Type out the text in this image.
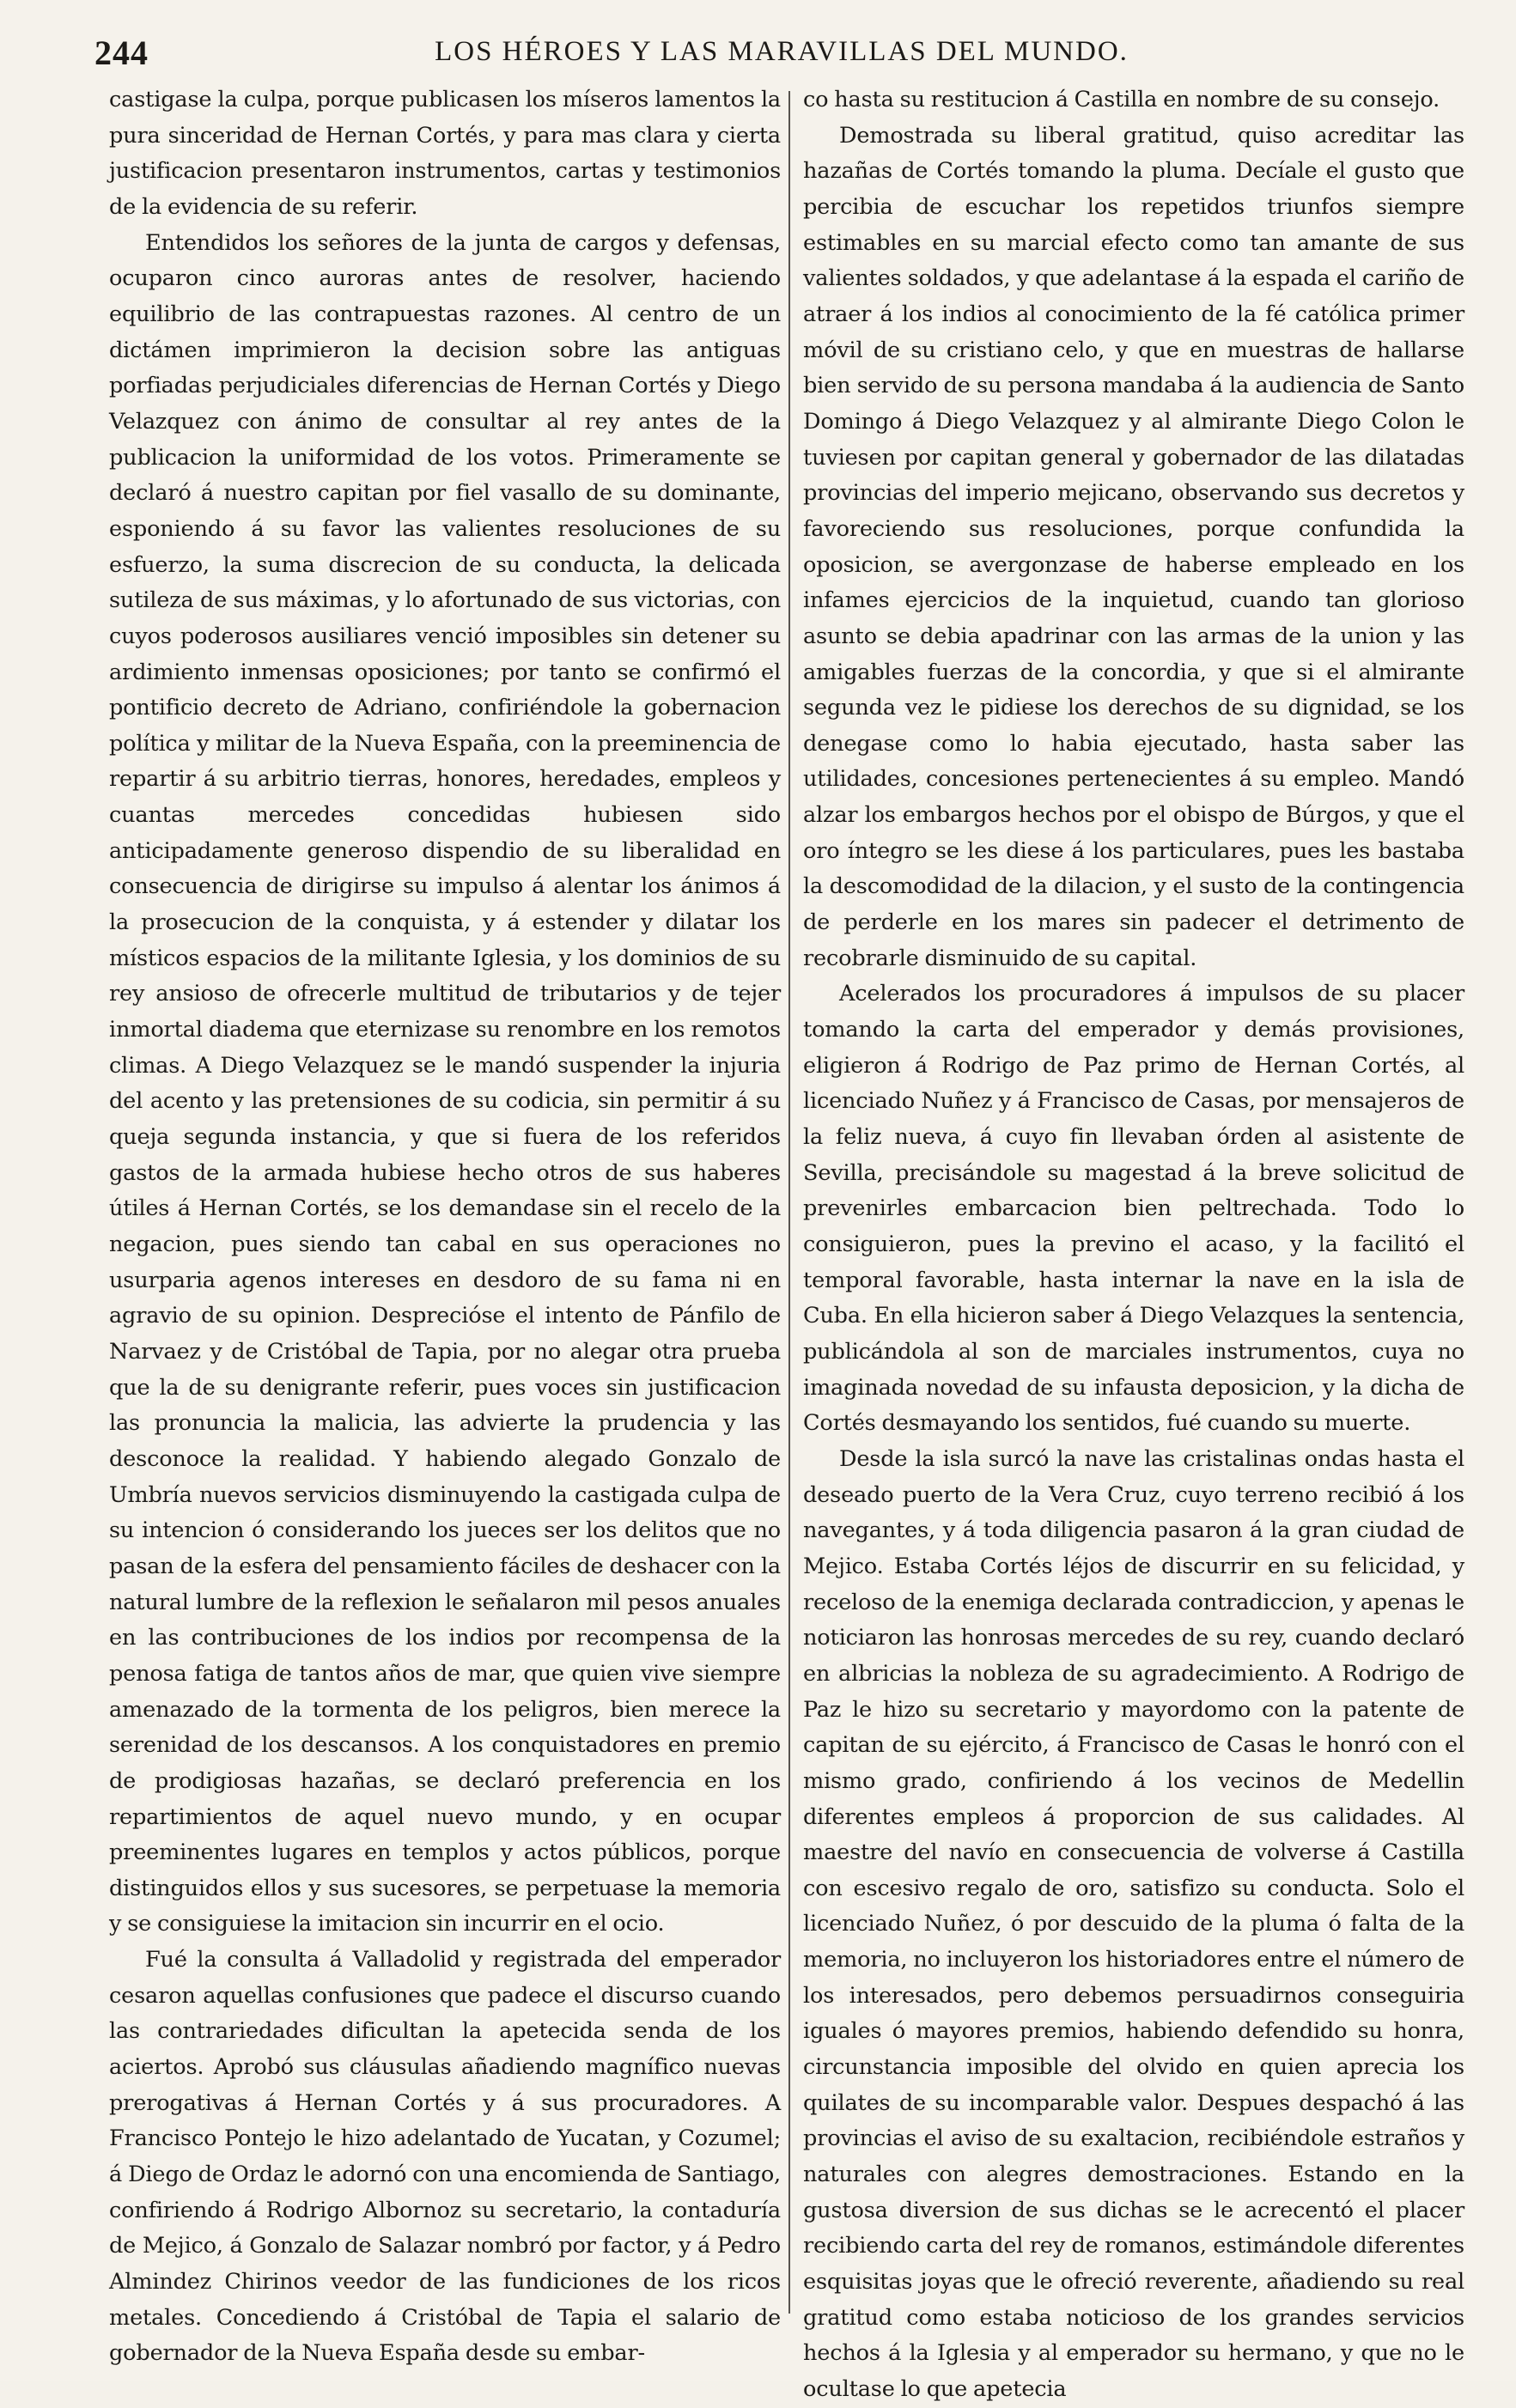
244	LOS HÉROES Y LAS MARAVILLAS DEL MUNDO.

castigase la culpa, porque publicasen los míseros lamentos la pura sinceridad de Hernan Cortés, y para mas clara y cierta justificacion presentaron instrumentos, cartas y testimonios de la evidencia de su referir.

Entendidos los señores de la junta de cargos y defensas, ocuparon cinco auroras antes de resolver, haciendo equilibrio de las contrapuestas razones. Al centro de un dictámen imprimieron la decision sobre las antiguas porfiadas perjudiciales diferencias de Hernan Cortés y Diego Velazquez con ánimo de consultar al rey antes de la publicacion la uniformidad de los votos. Primeramente se declaró á nuestro capitan por fiel vasallo de su dominante, esponiendo á su favor las valientes resoluciones de su esfuerzo, la suma discrecion de su conducta, la delicada sutileza de sus máximas, y lo afortunado de sus victorias, con cuyos poderosos ausiliares venció imposibles sin detener su ardimiento inmensas oposiciones; por tanto se confirmó el pontificio decreto de Adriano, confiriéndole la gobernacion política y militar de la Nueva España, con la preeminencia de repartir á su arbitrio tierras, honores, heredades, empleos y cuantas mercedes concedidas hubiesen sido anticipadamente generoso dispendio de su liberalidad en consecuencia de dirigirse su impulso á alentar los ánimos á la prosecucion de la conquista, y á estender y dilatar los místicos espacios de la militante Iglesia, y los dominios de su rey ansioso de ofrecerle multitud de tributarios y de tejer inmortal diadema que eternizase su renombre en los remotos climas. A Diego Velazquez se le mandó suspender la injuria del acento y las pretensiones de su codicia, sin permitir á su queja segunda instancia, y que si fuera de los referidos gastos de la armada hubiese hecho otros de sus haberes útiles á Hernan Cortés, se los demandase sin el recelo de la negacion, pues siendo tan cabal en sus operaciones no usurparia agenos intereses en desdoro de su fama ni en agravio de su opinion. Despreciósе el intento de Pánfilo de Narvaez y de Cristóbal de Tapia, por no alegar otra prueba que la de su denigrante referir, pues voces sin justificacion las pronuncia la malicia, las advierte la prudencia y las desconoce la realidad. Y habiendo alegado Gonzalo de Umbría nuevos servicios disminuyendo la castigada culpa de su intencion ó considerando los jueces ser los delitos que no pasan de la esfera del pensamiento fáciles de deshacer con la natural lumbre de la reflexion le señalaron mil pesos anuales en las contribuciones de los indios por recompensa de la penosa fatiga de tantos años de mar, que quien vive siempre amenazado de la tormenta de los peligros, bien merece la serenidad de los descansos. A los conquistadores en premio de prodigiosas hazañas, se declaró preferencia en los repartimientos de aquel nuevo mundo, y en ocupar preeminentes lugares en templos y actos públicos, porque distinguidos ellos y sus sucesores, se perpetuase la memoria y se consiguiese la imitacion sin incurrir en el ocio.

Fué la consulta á Valladolid y registrada del emperador cesaron aquellas confusiones que padece el discurso cuando las contrariedades dificultan la apetecida senda de los aciertos. Aprobó sus cláusulas añadiendo magnífico nuevas prerogativas á Hernan Cortés y á sus procuradores. A Francisco Pontejo le hizo adelantado de Yucatan, y Cozumel; á Diego de Ordaz le adornó con una encomienda de Santiago, confiriendo á Rodrigo Albornoz su secretario, la contaduría de Mejico, á Gonzalo de Salazar nombró por factor, y á Pedro Almindez Chirinos veedor de las fundiciones de los ricos metales. Concediendo á Cristóbal de Tapia el salario de gobernador de la Nueva España desde su embar-

co hasta su restitucion á Castilla en nombre de su consejo.

Demostrada su liberal gratitud, quiso acreditar las hazañas de Cortés tomando la pluma. Decíale el gusto que percibia de escuchar los repetidos triunfos siempre estimables en su marcial efecto como tan amante de sus valientes soldados, y que adelantase á la espada el cariño de atraer á los indios al conocimiento de la fé católica primer móvil de su cristiano celo, y que en muestras de hallarse bien servido de su persona mandaba á la audiencia de Santo Domingo á Diego Velazquez y al almirante Diego Colon le tuviesen por capitan general y gobernador de las dilatadas provincias del imperio mejicano, observando sus decretos y favoreciendo sus resoluciones, porque confundida la oposicion, se avergonzase de haberse empleado en los infames ejercicios de la inquietud, cuando tan glorioso asunto se debia apadrinar con las armas de la union y las amigables fuerzas de la concordia, y que si el almirante segunda vez le pidiese los derechos de su dignidad, se los denegase como lo habia ejecutado, hasta saber las utilidades, concesiones pertenecientes á su empleo. Mandó alzar los embargos hechos por el obispo de Búrgos, y que el oro íntegro se les diese á los particulares, pues les bastaba la descomodidad de la dilacion, y el susto de la contingencia de perderle en los mares sin padecer el detrimento de recobrarle disminuido de su capital.

Acelerados los procuradores á impulsos de su placer tomando la carta del emperador y demás provisiones, eligieron á Rodrigo de Paz primo de Hernan Cortés, al licenciado Nuñez y á Francisco de Casas, por mensajeros de la feliz nueva, á cuyo fin llevaban órden al asistente de Sevilla, precisándole su magestad á la breve solicitud de prevenirles embarcacion bien peltrechada. Todo lo consiguieron, pues la previno el acaso, y la facilitó el temporal favorable, hasta internar la nave en la isla de Cuba. En ella hicieron saber á Diego Velazques la sentencia, publicándola al son de marciales instrumentos, cuya no imaginada novedad de su infausta deposicion, y la dicha de Cortés desmayando los sentidos, fué cuando su muerte.

Desde la isla surcó la nave las cristalinas ondas hasta el deseado puerto de la Vera Cruz, cuyo terreno recibió á los navegantes, y á toda diligencia pasaron á la gran ciudad de Mejico. Estaba Cortés léjos de discurrir en su felicidad, y receloso de la enemiga declarada contradiccion, y apenas le noticiaron las honrosas mercedes de su rey, cuando declaró en albricias la nobleza de su agradecimiento. A Rodrigo de Paz le hizo su secretario y mayordomo con la patente de capitan de su ejército, á Francisco de Casas le honró con el mismo grado, confiriendo á los vecinos de Medellin diferentes empleos á proporcion de sus calidades. Al maestre del navío en consecuencia de volverse á Castilla con escesivo regalo de oro, satisfizo su conducta. Solo el licenciado Nuñez, ó por descuido de la pluma ó falta de la memoria, no incluyeron los historiadores entre el número de los interesados, pero debemos persuadirnos conseguiria iguales ó mayores premios, habiendo defendido su honra, circunstancia imposible del olvido en quien aprecia los quilates de su incomparable valor. Despues despachó á las provincias el aviso de su exaltacion, recibiéndole estraños y naturales con alegres demostraciones. Estando en la gustosa diversion de sus dichas se le acrecentó el placer recibiendo carta del rey de romanos, estimándole diferentes esquisitas joyas que le ofreció reverente, añadiendo su real gratitud como estaba noticioso de los grandes servicios hechos á la Iglesia y al emperador su hermano, y que no le ocultase lo que apetecia
